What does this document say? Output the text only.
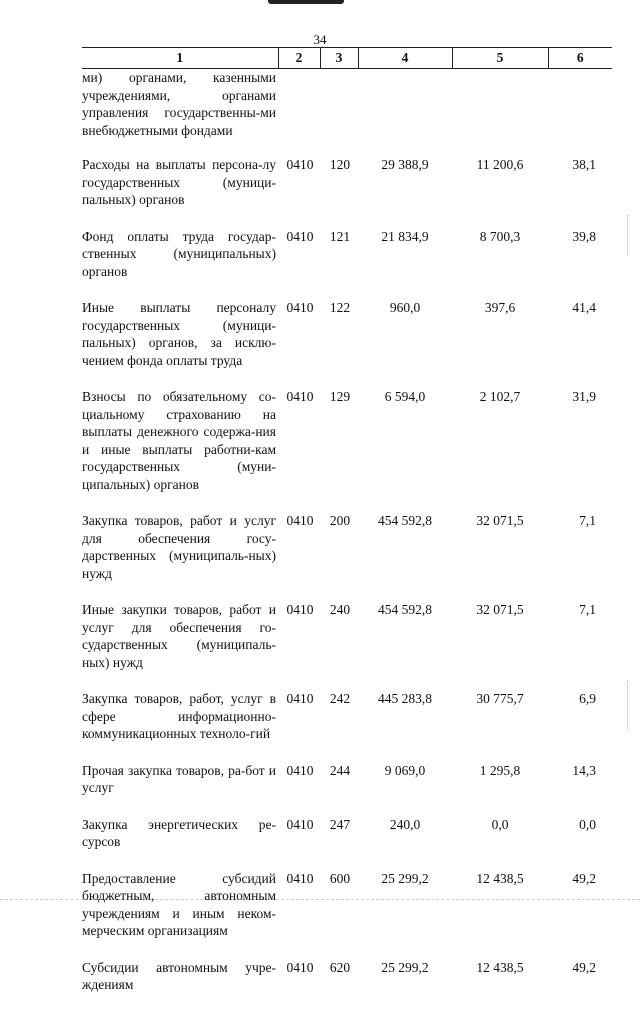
34
1	2	3	4	5	6
ми) органами, казенными учреждениями, органами управления государственны-ми внебюджетными фондами					
Расходы на выплаты персона-лу государственных (муници-пальных) органов	0410	120	29 388,9	11 200,6	38,1
Фонд оплаты труда государ-ственных (муниципальных) органов	0410	121	21 834,9	8 700,3	39,8
Иные выплаты персоналу государственных (муници-пальных) органов, за исклю-чением фонда оплаты труда	0410	122	960,0	397,6	41,4
Взносы по обязательному со-циальному страхованию на выплаты денежного содержа-ния и иные выплаты работни-кам государственных (муни-ципальных) органов	0410	129	6 594,0	2 102,7	31,9
Закупка товаров, работ и услуг для обеспечения госу-дарственных (муниципаль-ных) нужд	0410	200	454 592,8	32 071,5	7,1
Иные закупки товаров, работ и услуг для обеспечения го-сударственных (муниципаль-ных) нужд	0410	240	454 592,8	32 071,5	7,1
Закупка товаров, работ, услуг в сфере информационно-коммуникационных техноло-гий	0410	242	445 283,8	30 775,7	6,9
Прочая закупка товаров, ра-бот и услуг	0410	244	9 069,0	1 295,8	14,3
Закупка энергетических ре-сурсов	0410	247	240,0	0,0	0,0
Предоставление субсидий бюджетным, автономным учреждениям и иным неком-мерческим организациям	0410	600	25 299,2	12 438,5	49,2
Субсидии автономным учре-ждениям	0410	620	25 299,2	12 438,5	49,2
